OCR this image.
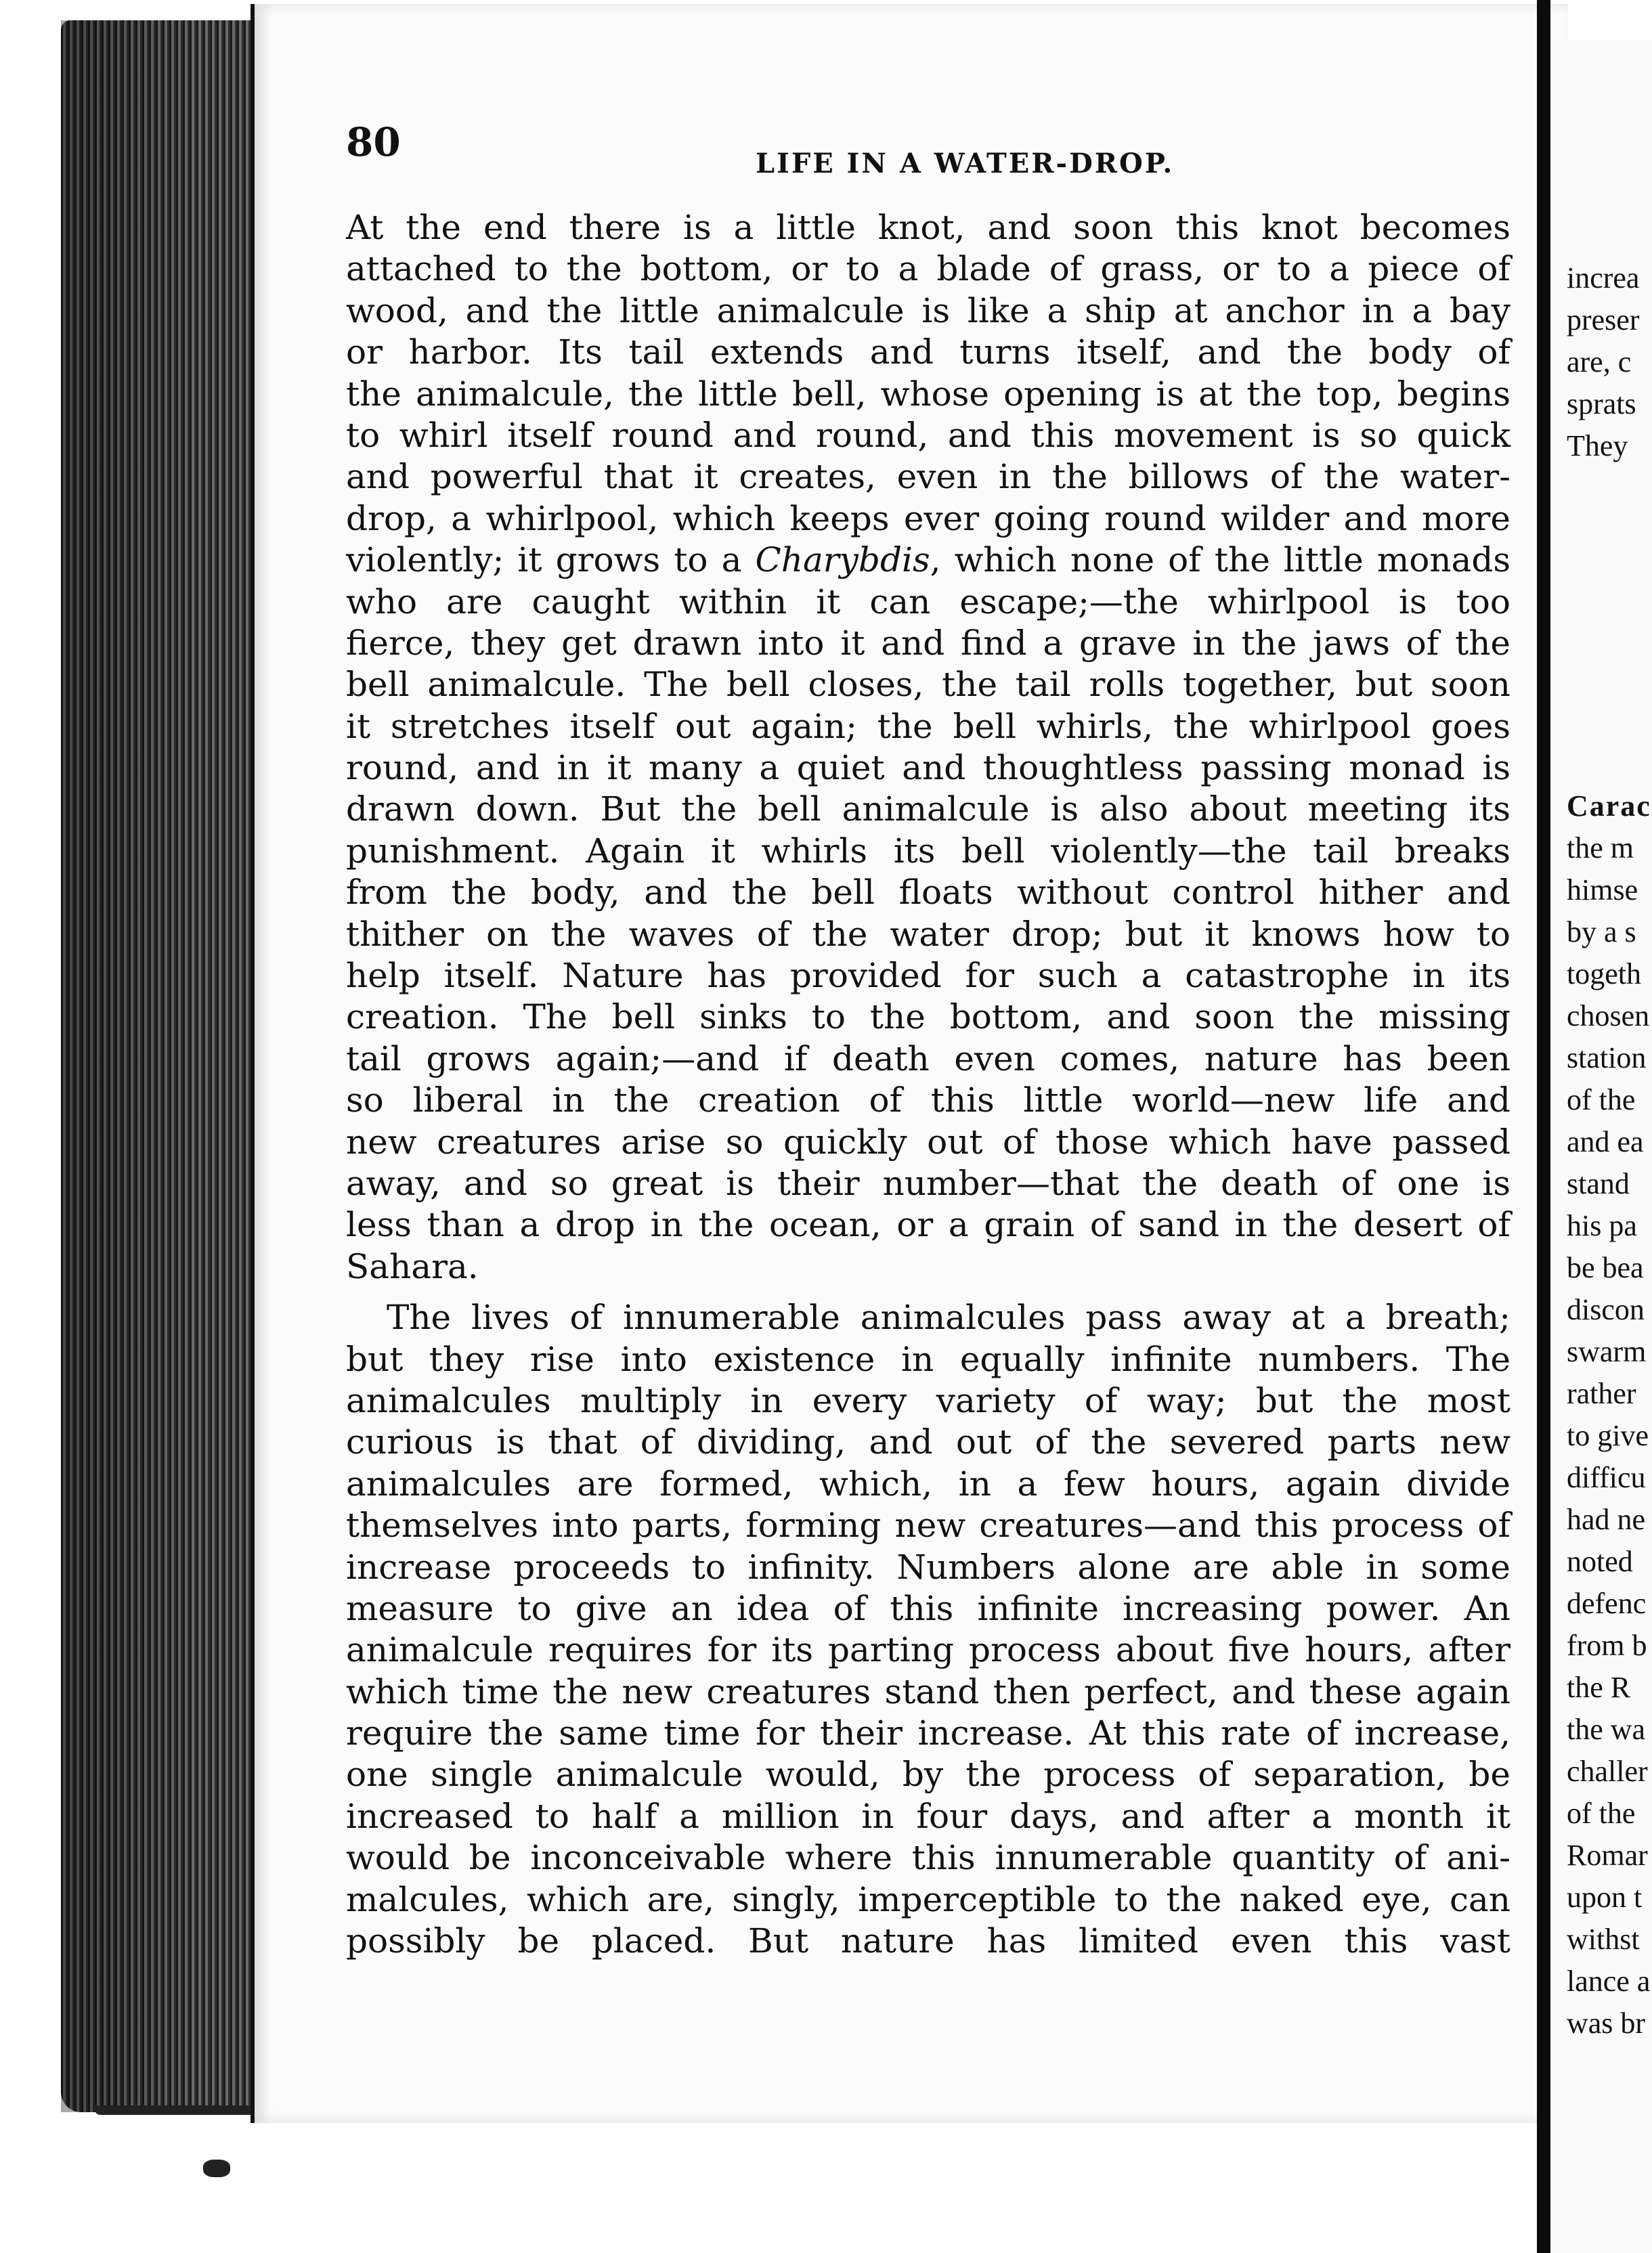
80	LIFE IN A WATER-DROP.
At the end there is a little knot, and soon this knot becomes
attached to the bottom, or to a blade of grass, or to a piece of
wood, and the little animalcule is like a ship at anchor in a bay
or harbor. Its tail extends and turns itself, and the body of
the animalcule, the little bell, whose opening is at the top, begins
to whirl itself round and round, and this movement is so quick
and powerful that it creates, even in the billows of the water-
drop, a whirlpool, which keeps ever going round wilder and more
violently; it grows to a Charybdis, which none of the little monads
who are caught within it can escape;—the whirlpool is too
fierce, they get drawn into it and find a grave in the jaws of the
bell animalcule. The bell closes, the tail rolls together, but soon
it stretches itself out again; the bell whirls, the whirlpool goes
round, and in it many a quiet and thoughtless passing monad is
drawn down. But the bell animalcule is also about meeting its
punishment. Again it whirls its bell violently—the tail breaks
from the body, and the bell floats without control hither and
thither on the waves of the water drop; but it knows how to
help itself. Nature has provided for such a catastrophe in its
creation. The bell sinks to the bottom, and soon the missing
tail grows again;—and if death even comes, nature has been
so liberal in the creation of this little world—new life and
new creatures arise so quickly out of those which have passed
away, and so great is their number—that the death of one is
less than a drop in the ocean, or a grain of sand in the desert of
Sahara.
The lives of innumerable animalcules pass away at a breath;
but they rise into existence in equally infinite numbers. The
animalcules multiply in every variety of way; but the most
curious is that of dividing, and out of the severed parts new
animalcules are formed, which, in a few hours, again divide
themselves into parts, forming new creatures—and this process of
increase proceeds to infinity. Numbers alone are able in some
measure to give an idea of this infinite increasing power. An
animalcule requires for its parting process about five hours, after
which time the new creatures stand then perfect, and these again
require the same time for their increase. At this rate of increase,
one single animalcule would, by the process of separation, be
increased to half a million in four days, and after a month it
would be inconceivable where this innumerable quantity of ani-
malcules, which are, singly, imperceptible to the naked eye, can
possibly be placed. But nature has limited even this vast
increa
preser
are, c
sprats
They
Carac
the m
himse
by a s
togeth
chosen
station
of the
and ea
stand
his pa
be bea
discon
swarm
rather
to give
difficu
had ne
noted
defenc
from b
the R
the wa
challer
of the
Romar
upon t
withst
lance a
was br
